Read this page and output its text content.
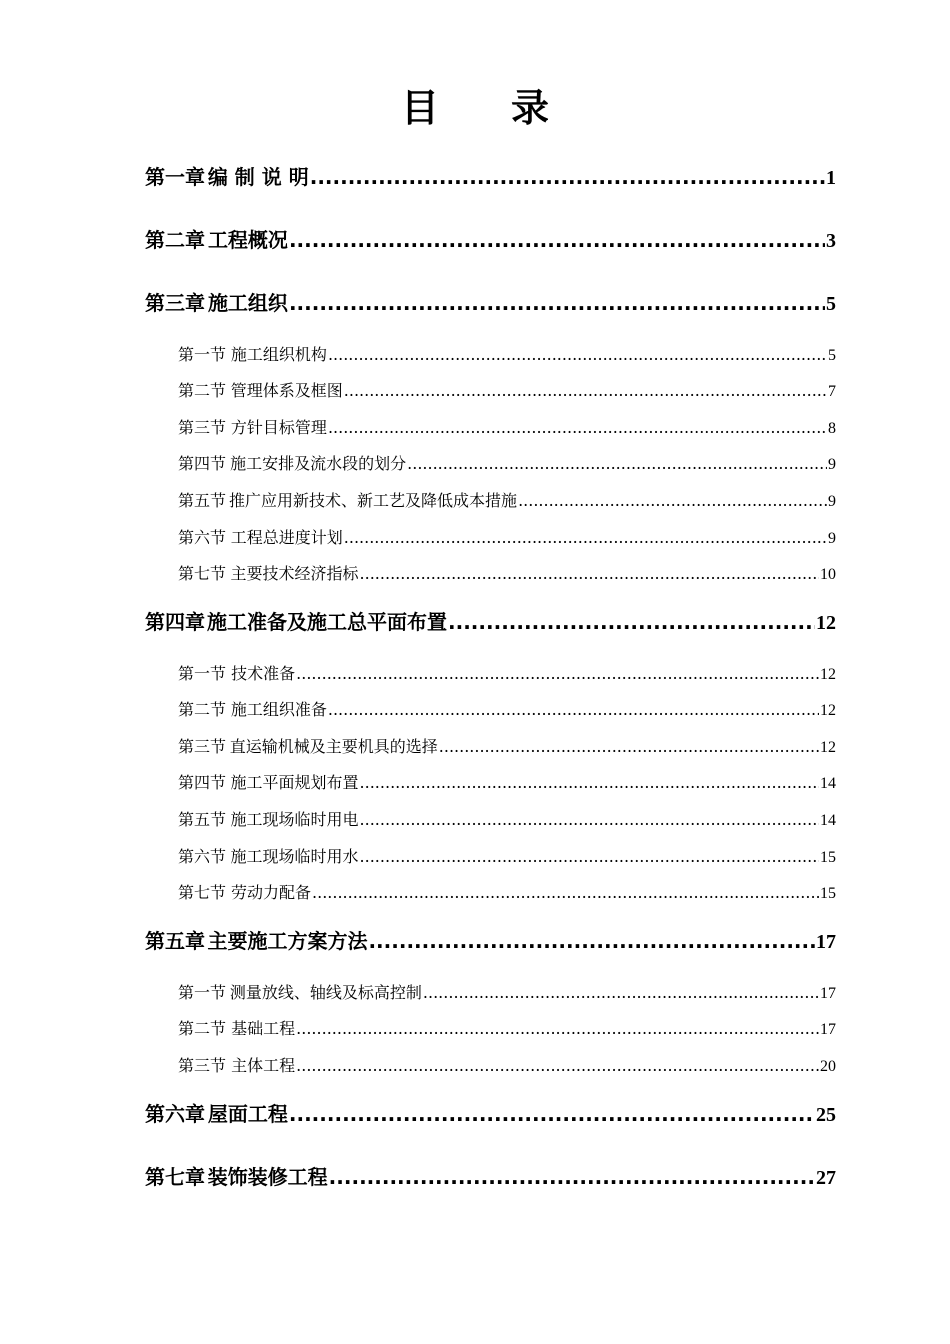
目 录
第一章 编 制 说 明 .....	1
第二章 工程概况 .....	3
第三章 施工组织 .....	5
第一节 施工组织机构 .....	5
第二节 管理体系及框图 .....	7
第三节 方针目标管理 .....	8
第四节 施工安排及流水段的划分 .....	9
第五节 推广应用新技术、新工艺及降低成本措施 .....	9
第六节 工程总进度计划 .....	9
第七节 主要技术经济指标 .....	10
第四章 施工准备及施工总平面布置 .....	12
第一节 技术准备 .....	12
第二节 施工组织准备 .....	12
第三节 直运输机械及主要机具的选择 .....	12
第四节 施工平面规划布置 .....	14
第五节 施工现场临时用电 .....	14
第六节 施工现场临时用水 .....	15
第七节 劳动力配备 .....	15
第五章 主要施工方案方法 .....	17
第一节 测量放线、轴线及标高控制 .....	17
第二节 基础工程 .....	17
第三节 主体工程 .....	20
第六章 屋面工程 .....	25
第七章 装饰装修工程 .....	27
